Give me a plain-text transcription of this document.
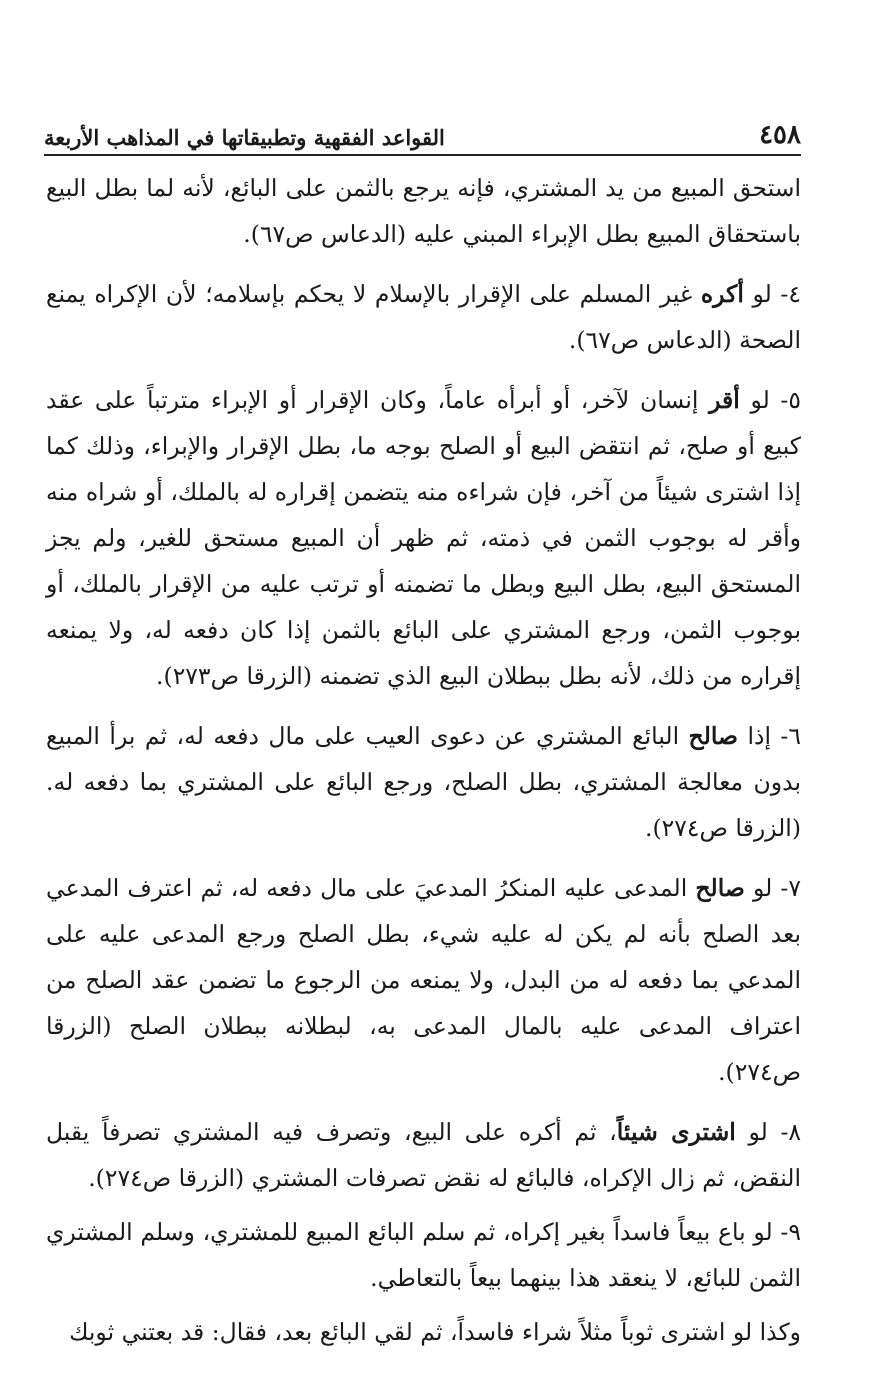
٤٥٨
القواعد الفقهية وتطبيقاتها في المذاهب الأربعة

استحق المبيع من يد المشتري، فإنه يرجع بالثمن على البائع، لأنه لما بطل البيع باستحقاق المبيع بطل الإبراء المبني عليه (الدعاس ص٦٧).

٤- لو أكره غير المسلم على الإقرار بالإسلام لا يحكم بإسلامه؛ لأن الإكراه يمنع الصحة (الدعاس ص٦٧).

٥- لو أقر إنسان لآخر، أو أبرأه عاماً، وكان الإقرار أو الإبراء مترتباً على عقد كبيع أو صلح، ثم انتقض البيع أو الصلح بوجه ما، بطل الإقرار والإبراء، وذلك كما إذا اشترى شيئاً من آخر، فإن شراءه منه يتضمن إقراره له بالملك، أو شراه منه وأقر له بوجوب الثمن في ذمته، ثم ظهر أن المبيع مستحق للغير، ولم يجز المستحق البيع، بطل البيع وبطل ما تضمنه أو ترتب عليه من الإقرار بالملك، أو بوجوب الثمن، ورجع المشتري على البائع بالثمن إذا كان دفعه له، ولا يمنعه إقراره من ذلك، لأنه بطل ببطلان البيع الذي تضمنه (الزرقا ص٢٧٣).

٦- إذا صالح البائع المشتري عن دعوى العيب على مال دفعه له، ثم برأ المبيع بدون معالجة المشتري، بطل الصلح، ورجع البائع على المشتري بما دفعه له. (الزرقا ص٢٧٤).

٧- لو صالح المدعى عليه المنكرُ المدعيَ على مال دفعه له، ثم اعترف المدعي بعد الصلح بأنه لم يكن له عليه شيء، بطل الصلح ورجع المدعى عليه على المدعي بما دفعه له من البدل، ولا يمنعه من الرجوع ما تضمن عقد الصلح من اعتراف المدعى عليه بالمال المدعى به، لبطلانه ببطلان الصلح (الزرقا ص٢٧٤).

٨- لو اشترى شيئاً، ثم أكره على البيع، وتصرف فيه المشتري تصرفاً يقبل النقض، ثم زال الإكراه، فالبائع له نقض تصرفات المشتري (الزرقا ص٢٧٤).

٩- لو باع بيعاً فاسداً بغير إكراه، ثم سلم البائع المبيع للمشتري، وسلم المشتري الثمن للبائع، لا ينعقد هذا بينهما بيعاً بالتعاطي.

وكذا لو اشترى ثوباً مثلاً شراء فاسداً، ثم لقي البائع بعد، فقال: قد بعتني ثوبك
